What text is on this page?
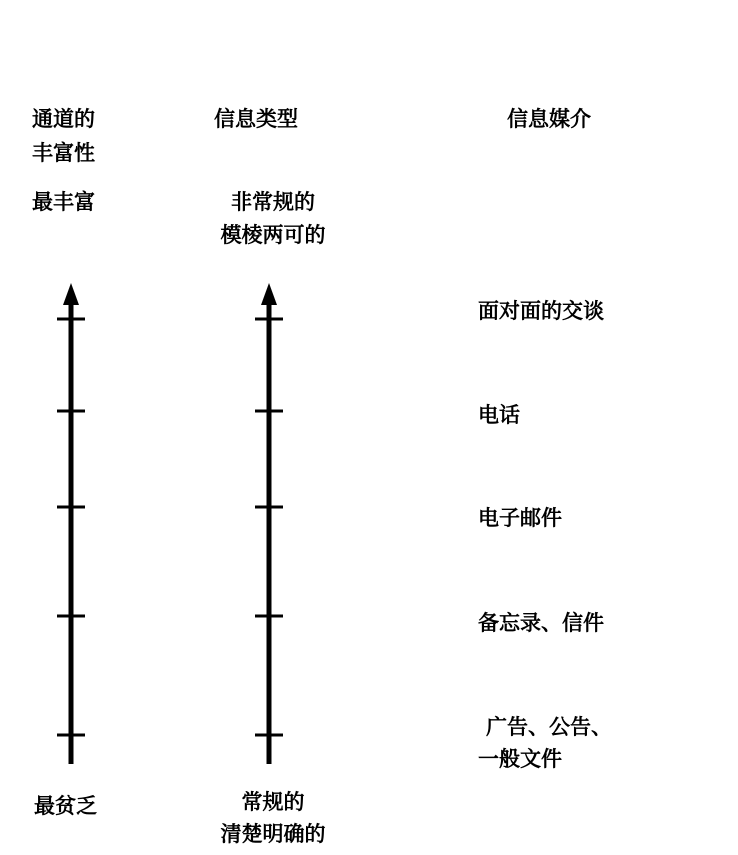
通道的
丰富性
最丰富
信息类型
非常规的
模棱两可的
信息媒介
面对面的交谈
电话
电子邮件
备忘录、信件
广告、公告、
一般文件
最贫乏	常规的
清楚明确的
